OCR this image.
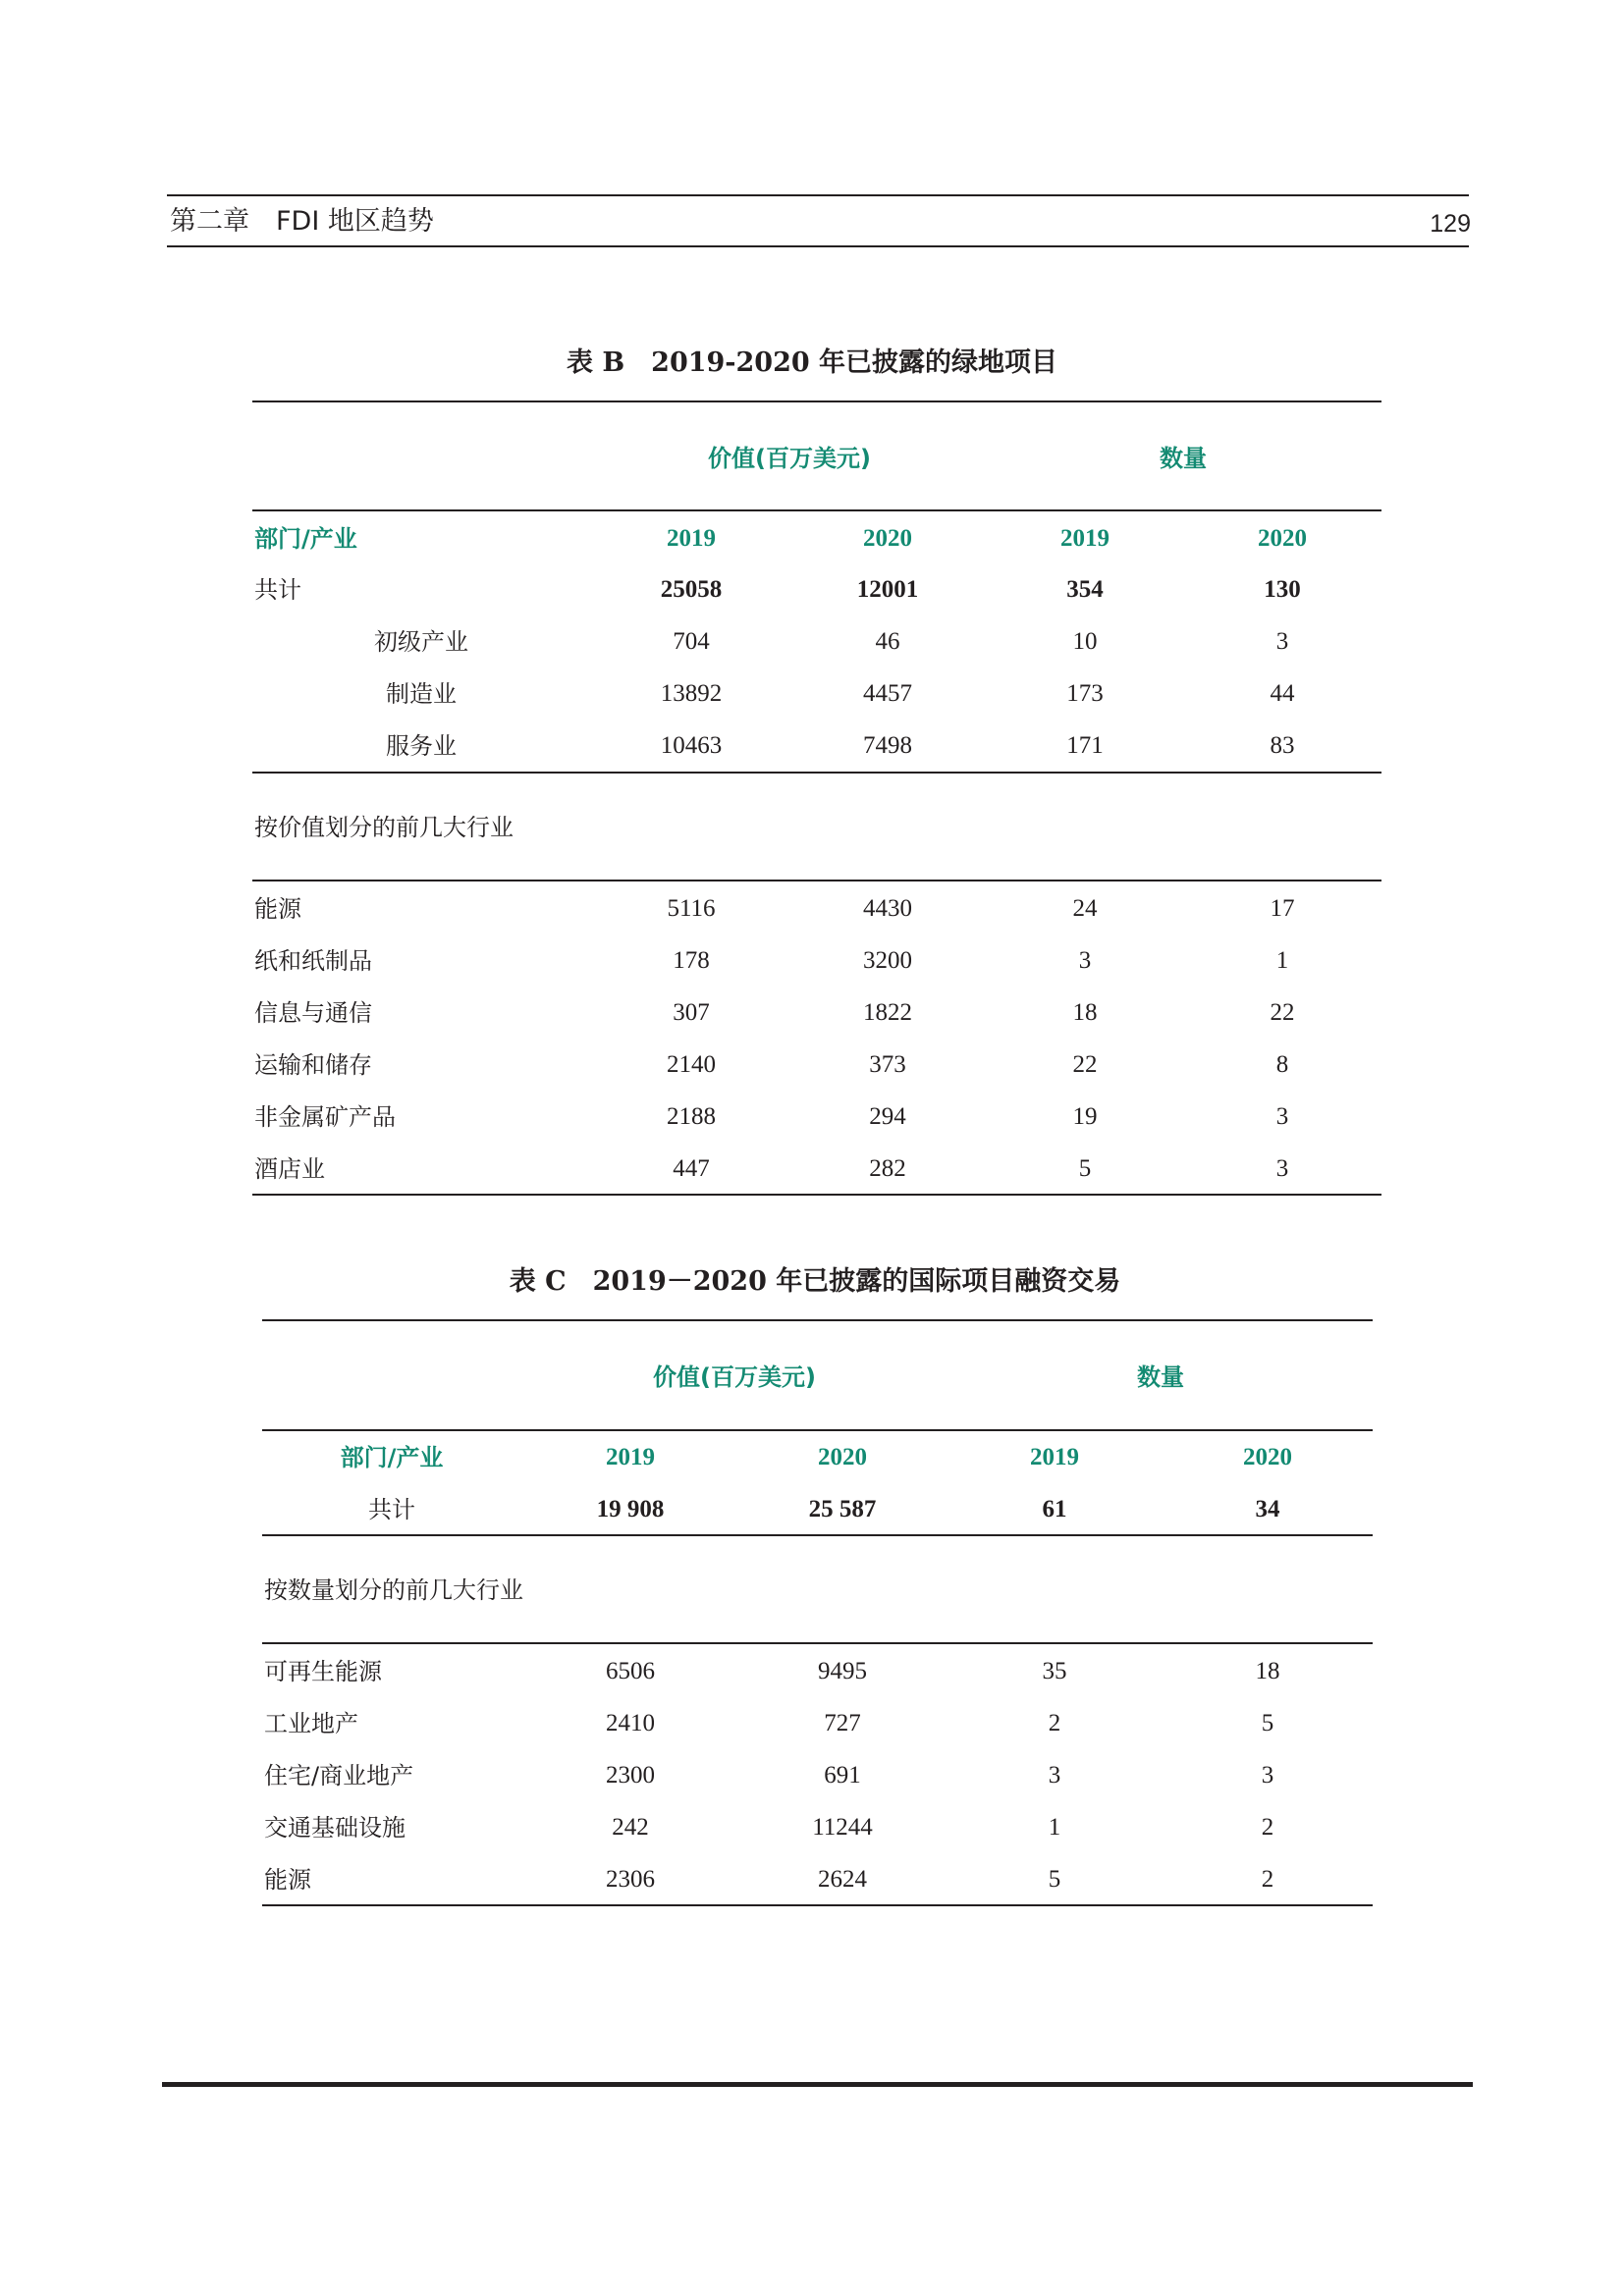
第二章　FDI 地区趋势	129
表 B　2019-2020 年已披露的绿地项目
价值(百万美元)	数量
部门/产业	2019	2020	2019	2020
共计	25058	12001	354	130
初级产业	704	46	10	3
制造业	13892	4457	173	44
服务业	10463	7498	171	83
按价值划分的前几大行业
能源	5116	4430	24	17
纸和纸制品	178	3200	3	1
信息与通信	307	1822	18	22
运输和储存	2140	373	22	8
非金属矿产品	2188	294	19	3
酒店业	447	282	5	3
表 C　2019－2020 年已披露的国际项目融资交易
价值(百万美元)	数量
部门/产业	2019	2020	2019	2020
共计	19 908	25 587	61	34
按数量划分的前几大行业
可再生能源	6506	9495	35	18
工业地产	2410	727	2	5
住宅/商业地产	2300	691	3	3
交通基础设施	242	11244	1	2
能源	2306	2624	5	2
